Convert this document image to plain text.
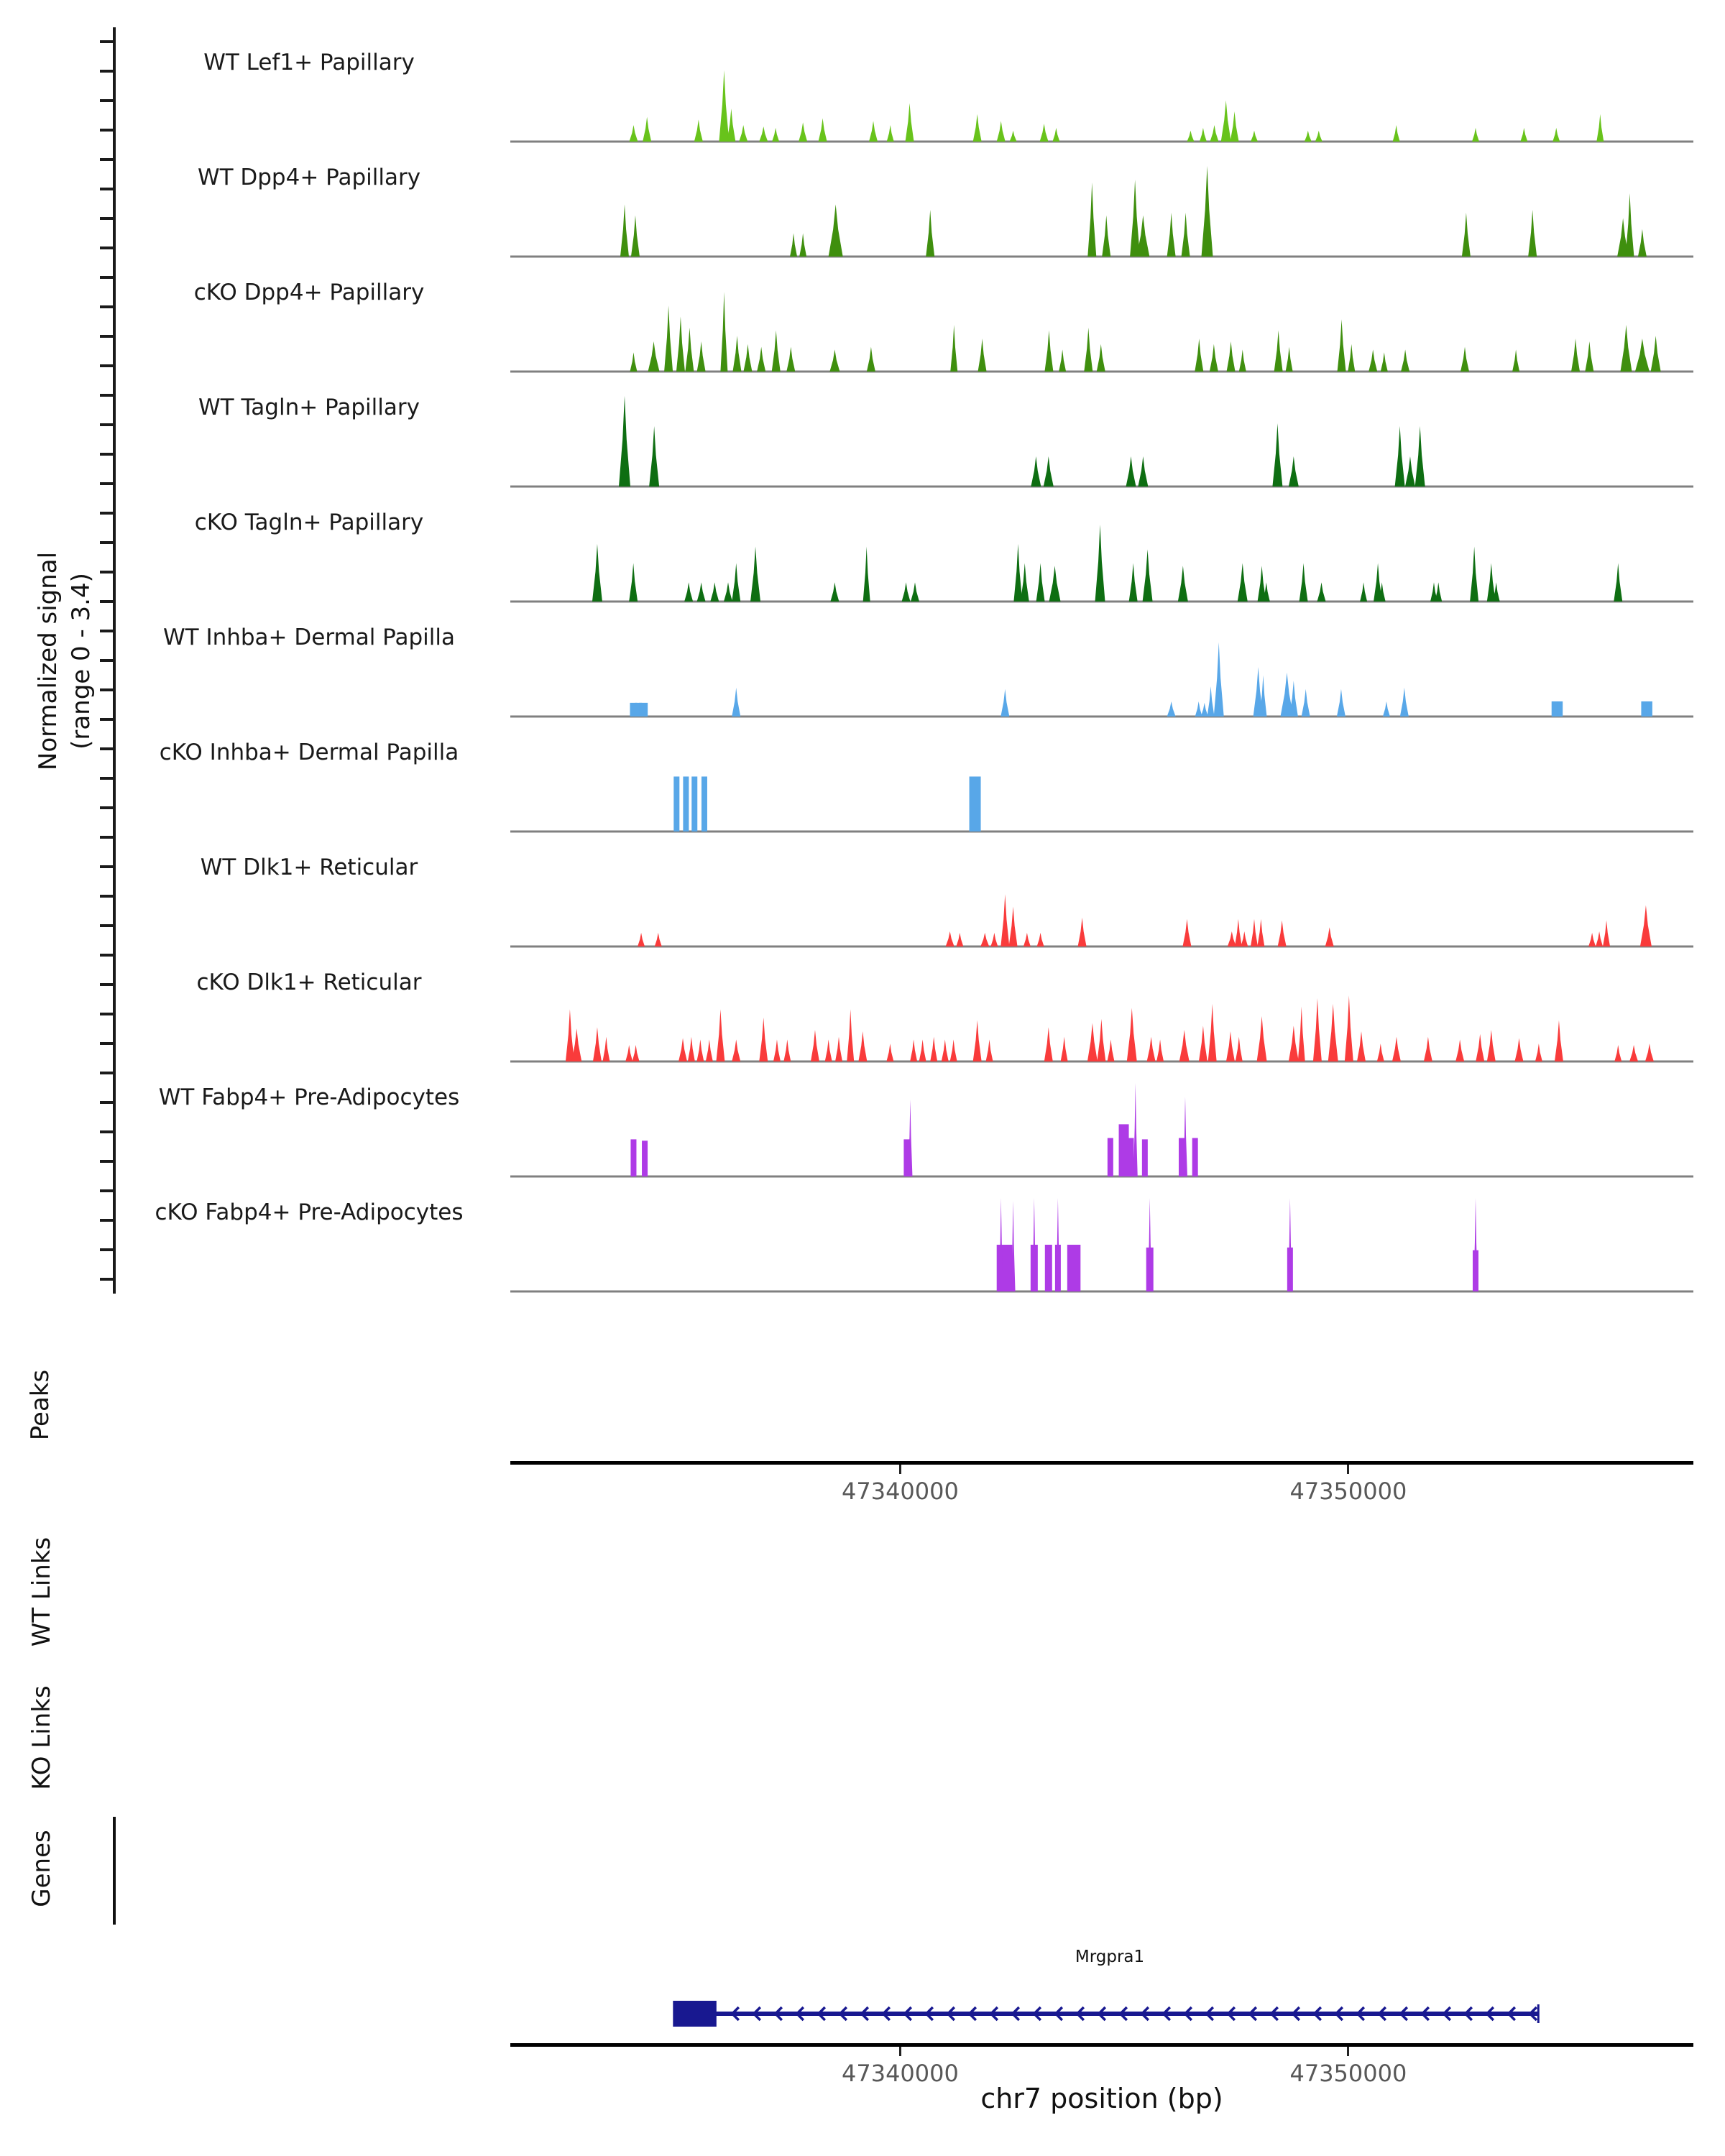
Normalized signal (range 0 - 3.4)
WT Lef1+ Papillary
WT Dpp4+ Papillary
cKO Dpp4+ Papillary
WT Tagln+ Papillary
cKO Tagln+ Papillary
WT Inhba+ Dermal Papilla
cKO Inhba+ Dermal Papilla
WT Dlk1+ Reticular
cKO Dlk1+ Reticular
WT Fabp4+ Pre-Adipocytes
cKO Fabp4+ Pre-Adipocytes
Peaks
WT Links
KO Links
Genes
47340000	47350000
Mrgpra1
47340000	47350000
chr7 position (bp)
